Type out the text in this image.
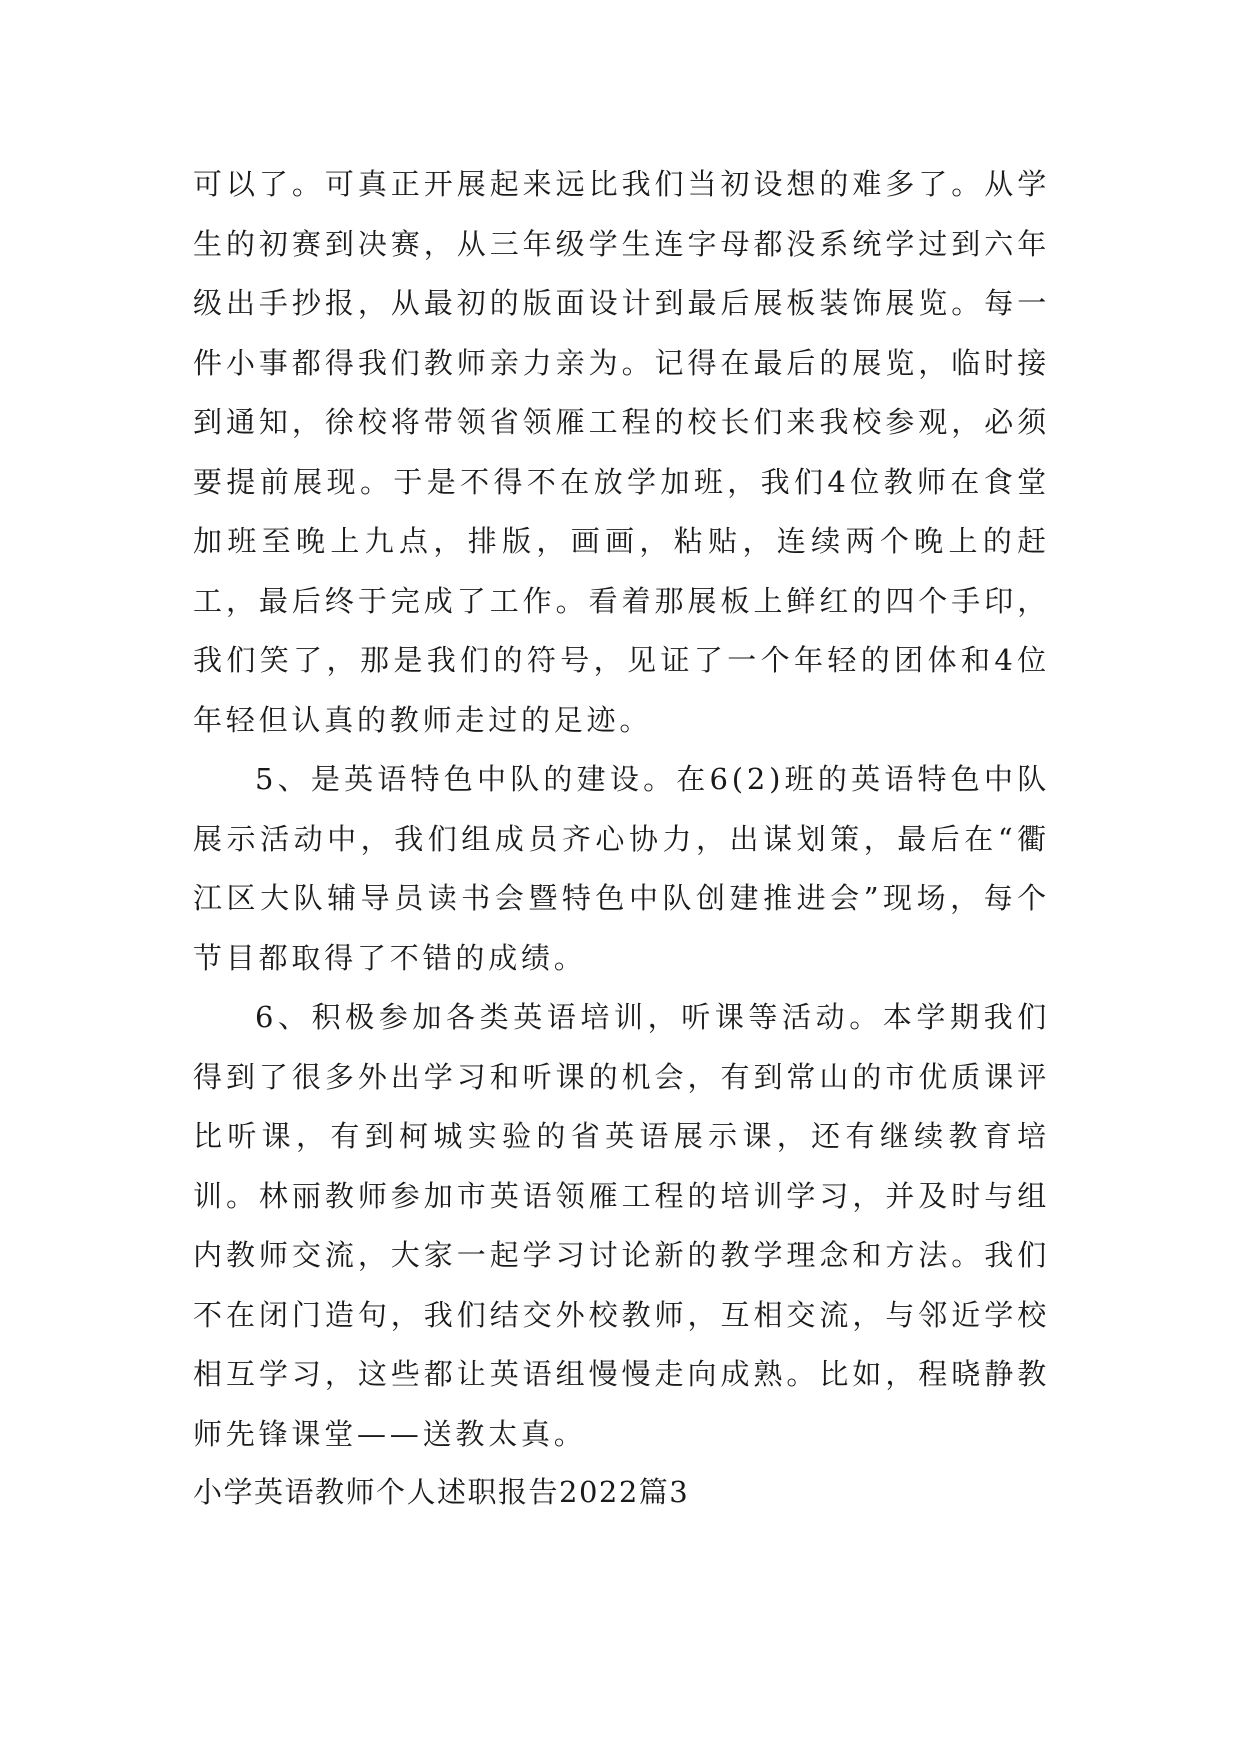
可以了。可真正开展起来远比我们当初设想的难多了。从学生的初赛到决赛，从三年级学生连字母都没系统学过到六年级出手抄报，从最初的版面设计到最后展板装饰展览。每一件小事都得我们教师亲力亲为。记得在最后的展览，临时接到通知，徐校将带领省领雁工程的校长们来我校参观，必须要提前展现。于是不得不在放学加班，我们4位教师在食堂加班至晚上九点，排版，画画，粘贴，连续两个晚上的赶工，最后终于完成了工作。看着那展板上鲜红的四个手印，我们笑了，那是我们的符号，见证了一个年轻的团体和4位年轻但认真的教师走过的足迹。

5、是英语特色中队的建设。在6(2)班的英语特色中队展示活动中，我们组成员齐心协力，出谋划策，最后在“衢江区大队辅导员读书会暨特色中队创建推进会”现场，每个节目都取得了不错的成绩。

6、积极参加各类英语培训，听课等活动。本学期我们得到了很多外出学习和听课的机会，有到常山的市优质课评比听课，有到柯城实验的省英语展示课，还有继续教育培训。林丽教师参加市英语领雁工程的培训学习，并及时与组内教师交流，大家一起学习讨论新的教学理念和方法。我们不在闭门造句，我们结交外校教师，互相交流，与邻近学校相互学习，这些都让英语组慢慢走向成熟。比如，程晓静教师先锋课堂——送教太真。

小学英语教师个人述职报告2022篇3
